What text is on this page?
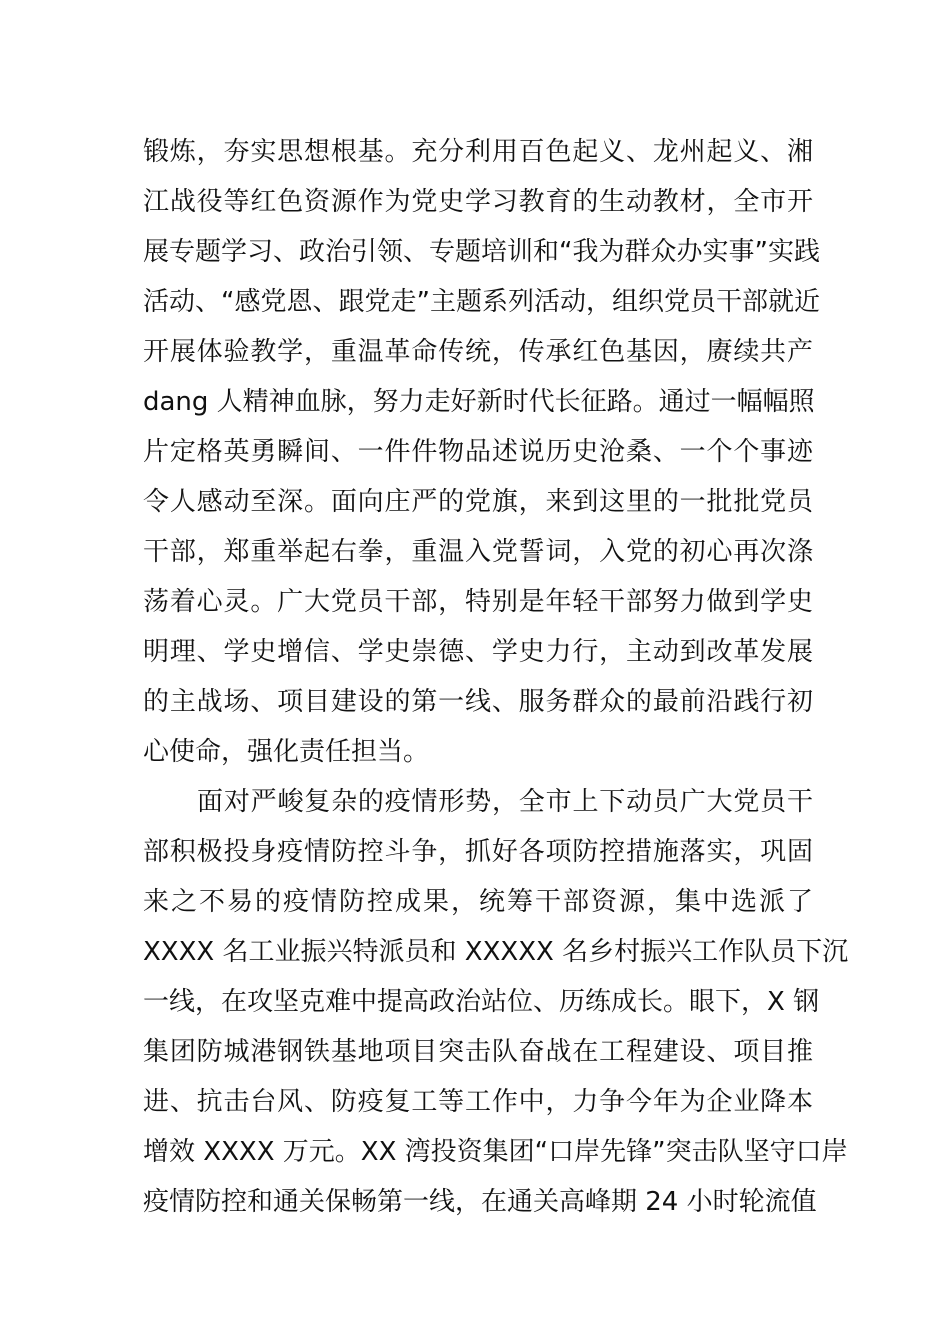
锻炼，夯实思想根基。充分利用百色起义、龙州起义、湘
江战役等红色资源作为党史学习教育的生动教材，全市开
展专题学习、政治引领、专题培训和“我为群众办实事”实践
活动、“感党恩、跟党走”主题系列活动，组织党员干部就近
开展体验教学，重温革命传统，传承红色基因，赓续共产
dang 人精神血脉，努力走好新时代长征路。通过一幅幅照
片定格英勇瞬间、一件件物品述说历史沧桑、一个个事迹
令人感动至深。面向庄严的党旗，来到这里的一批批党员
干部，郑重举起右拳，重温入党誓词，入党的初心再次涤
荡着心灵。广大党员干部，特别是年轻干部努力做到学史
明理、学史增信、学史崇德、学史力行，主动到改革发展
的主战场、项目建设的第一线、服务群众的最前沿践行初
心使命，强化责任担当。
面对严峻复杂的疫情形势，全市上下动员广大党员干
部积极投身疫情防控斗争，抓好各项防控措施落实，巩固
来之不易的疫情防控成果，统筹干部资源，集中选派了
XXXX 名工业振兴特派员和 XXXXX 名乡村振兴工作队员下沉
一线，在攻坚克难中提高政治站位、历练成长。眼下，X 钢
集团防城港钢铁基地项目突击队奋战在工程建设、项目推
进、抗击台风、防疫复工等工作中，力争今年为企业降本
增效 XXXX 万元。XX 湾投资集团“口岸先锋”突击队坚守口岸
疫情防控和通关保畅第一线，在通关高峰期 24 小时轮流值
